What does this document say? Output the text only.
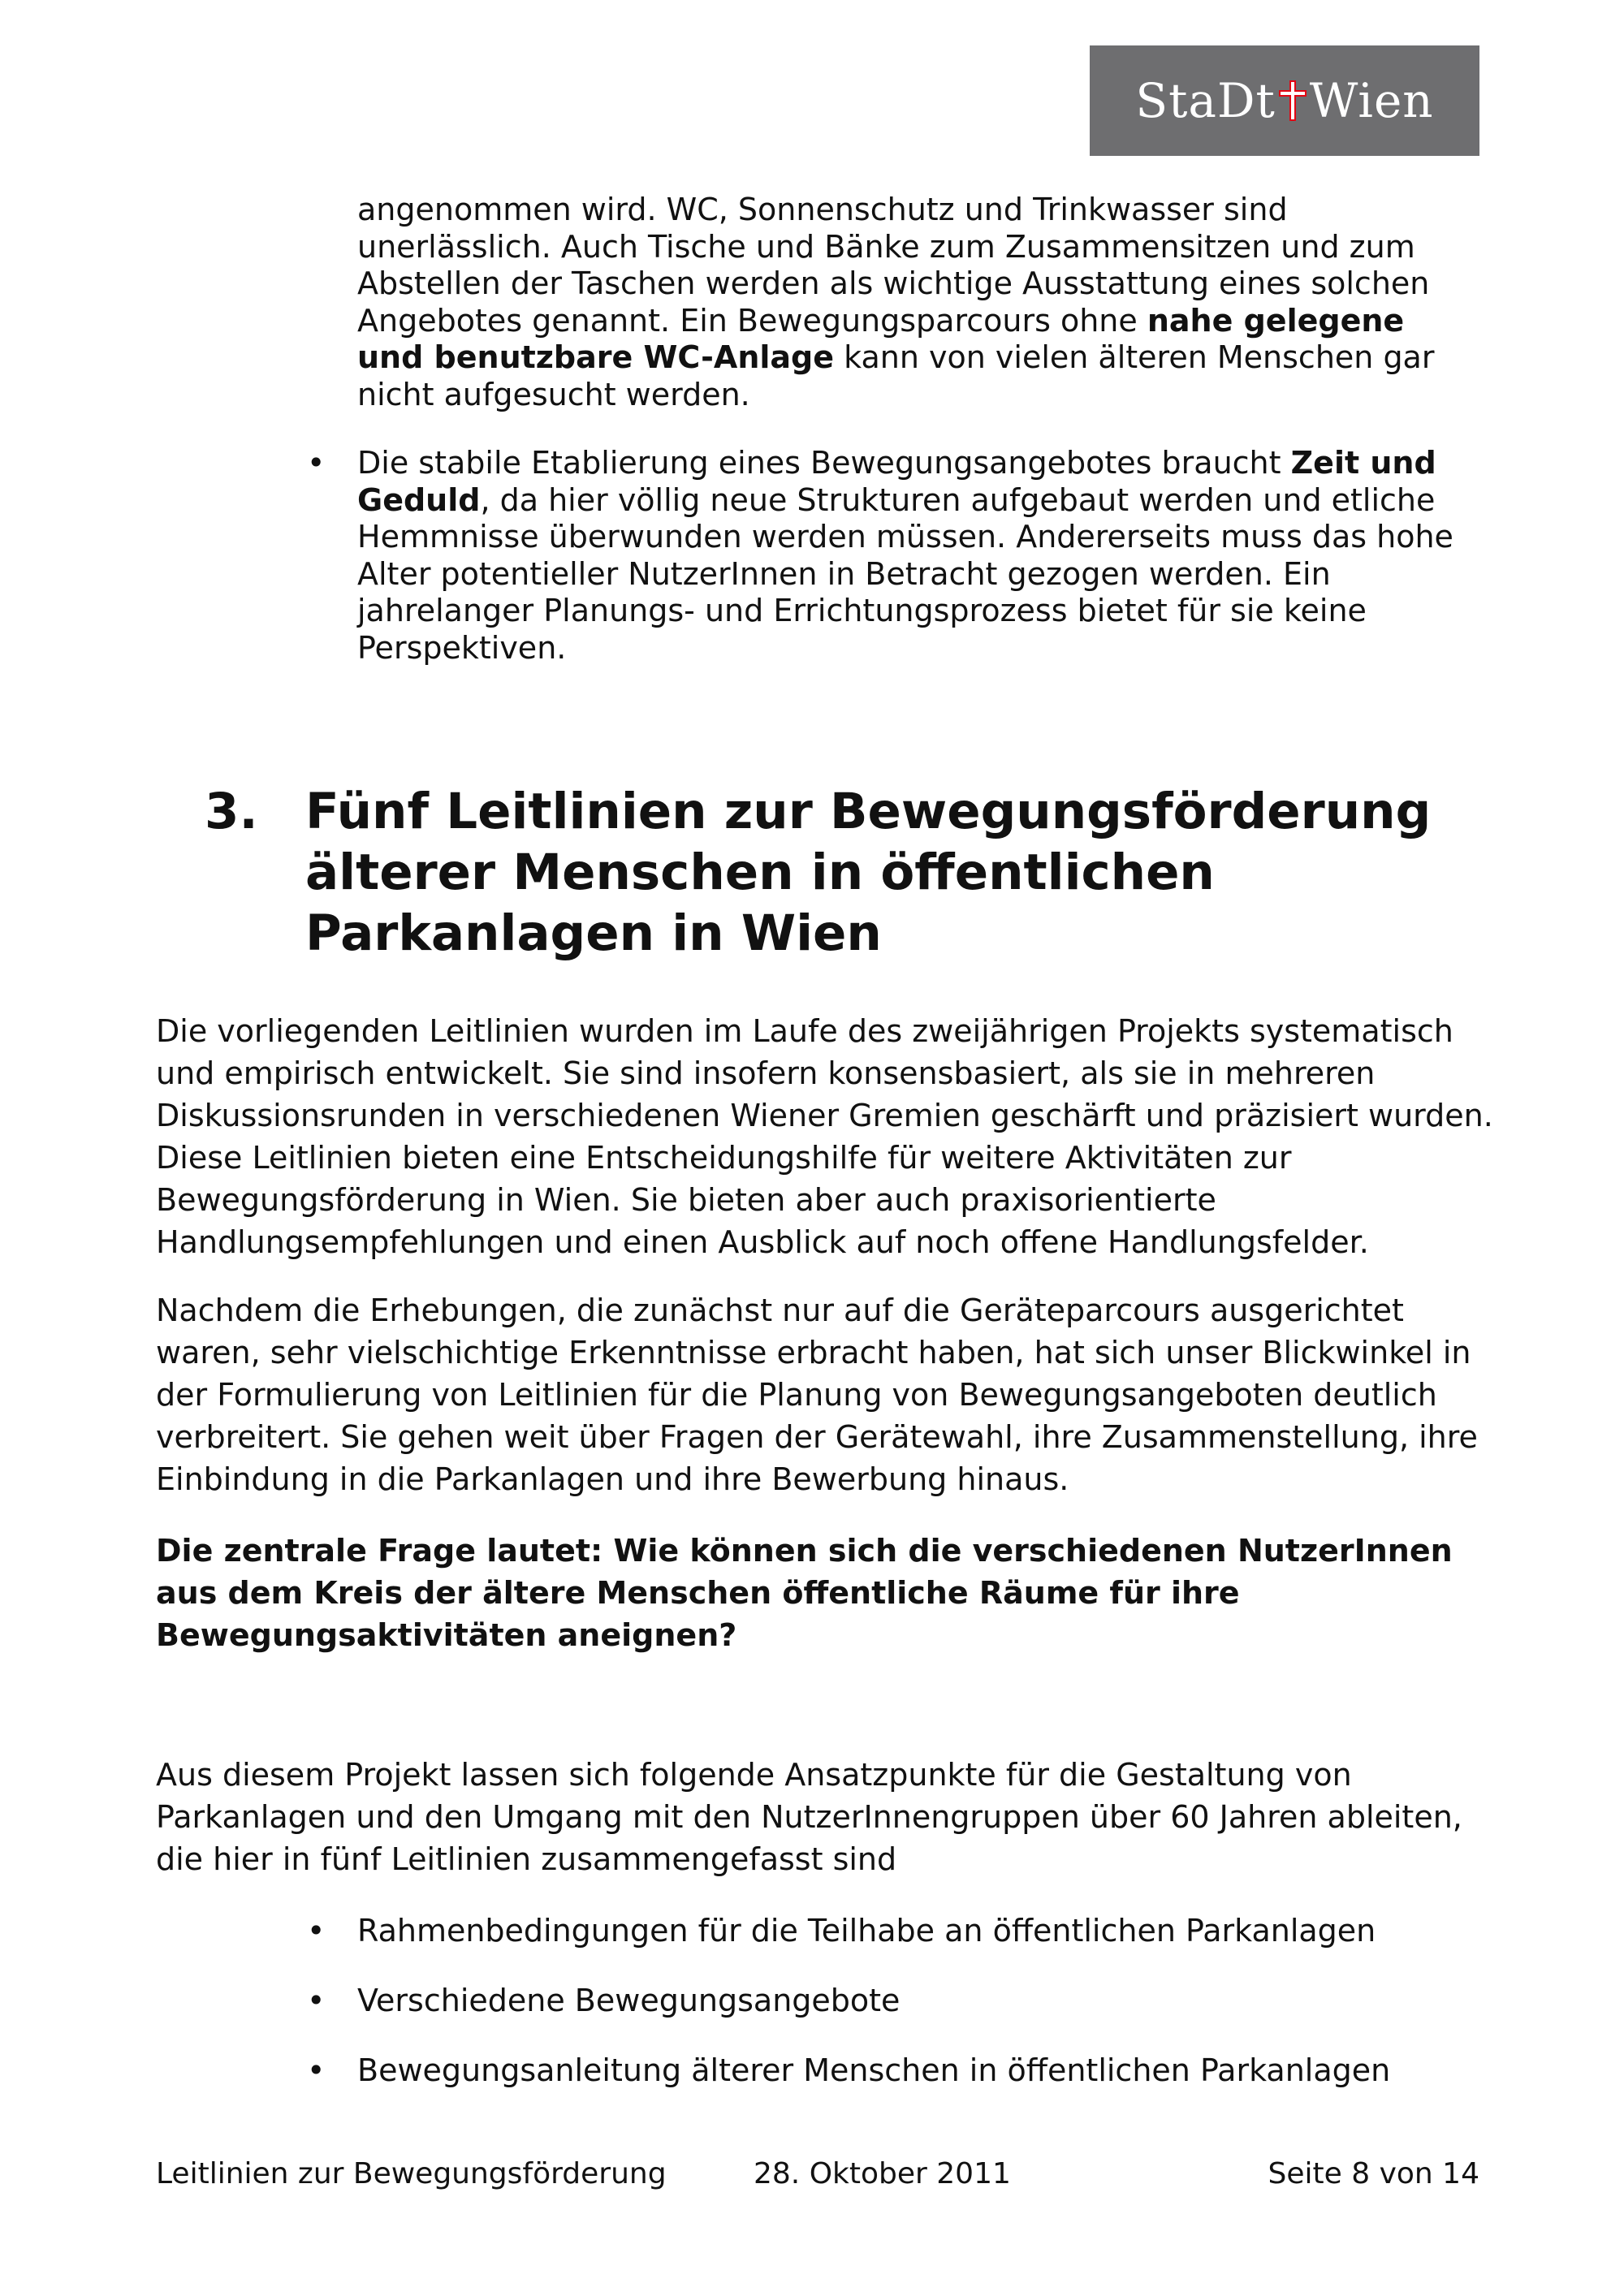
StaDt Wien
angenommen wird. WC, Sonnenschutz und Trinkwasser sind unerlässlich. Auch Tische und Bänke zum Zusammensitzen und zum Abstellen der Taschen werden als wichtige Ausstattung eines solchen Angebotes genannt. Ein Bewegungsparcours ohne nahe gelegene und benutzbare WC-Anlage kann von vielen älteren Menschen gar nicht aufgesucht werden.
• Die stabile Etablierung eines Bewegungsangebotes braucht Zeit und Geduld, da hier völlig neue Strukturen aufgebaut werden und etliche Hemmnisse überwunden werden müssen. Andererseits muss das hohe Alter potentieller NutzerInnen in Betracht gezogen werden. Ein jahrelanger Planungs- und Errichtungsprozess bietet für sie keine Perspektiven.
3. Fünf Leitlinien zur Bewegungsförderung älterer Menschen in öffentlichen Parkanlagen in Wien
Die vorliegenden Leitlinien wurden im Laufe des zweijährigen Projekts systematisch und empirisch entwickelt. Sie sind insofern konsensbasiert, als sie in mehreren Diskussionsrunden in verschiedenen Wiener Gremien geschärft und präzisiert wurden. Diese Leitlinien bieten eine Entscheidungshilfe für weitere Aktivitäten zur Bewegungsförderung in Wien. Sie bieten aber auch praxisorientierte Handlungsempfehlungen und einen Ausblick auf noch offene Handlungsfelder.
Nachdem die Erhebungen, die zunächst nur auf die Geräteparcours ausgerichtet waren, sehr vielschichtige Erkenntnisse erbracht haben, hat sich unser Blickwinkel in der Formulierung von Leitlinien für die Planung von Bewegungsangeboten deutlich verbreitert. Sie gehen weit über Fragen der Gerätewahl, ihre Zusammenstellung, ihre Einbindung in die Parkanlagen und ihre Bewerbung hinaus.
Die zentrale Frage lautet: Wie können sich die verschiedenen NutzerInnen aus dem Kreis der ältere Menschen öffentliche Räume für ihre Bewegungsaktivitäten aneignen?
Aus diesem Projekt lassen sich folgende Ansatzpunkte für die Gestaltung von Parkanlagen und den Umgang mit den NutzerInnengruppen über 60 Jahren ableiten, die hier in fünf Leitlinien zusammengefasst sind
• Rahmenbedingungen für die Teilhabe an öffentlichen Parkanlagen
• Verschiedene Bewegungsangebote
• Bewegungsanleitung älterer Menschen in öffentlichen Parkanlagen
Leitlinien zur Bewegungsförderung	28. Oktober 2011	Seite 8 von 14
